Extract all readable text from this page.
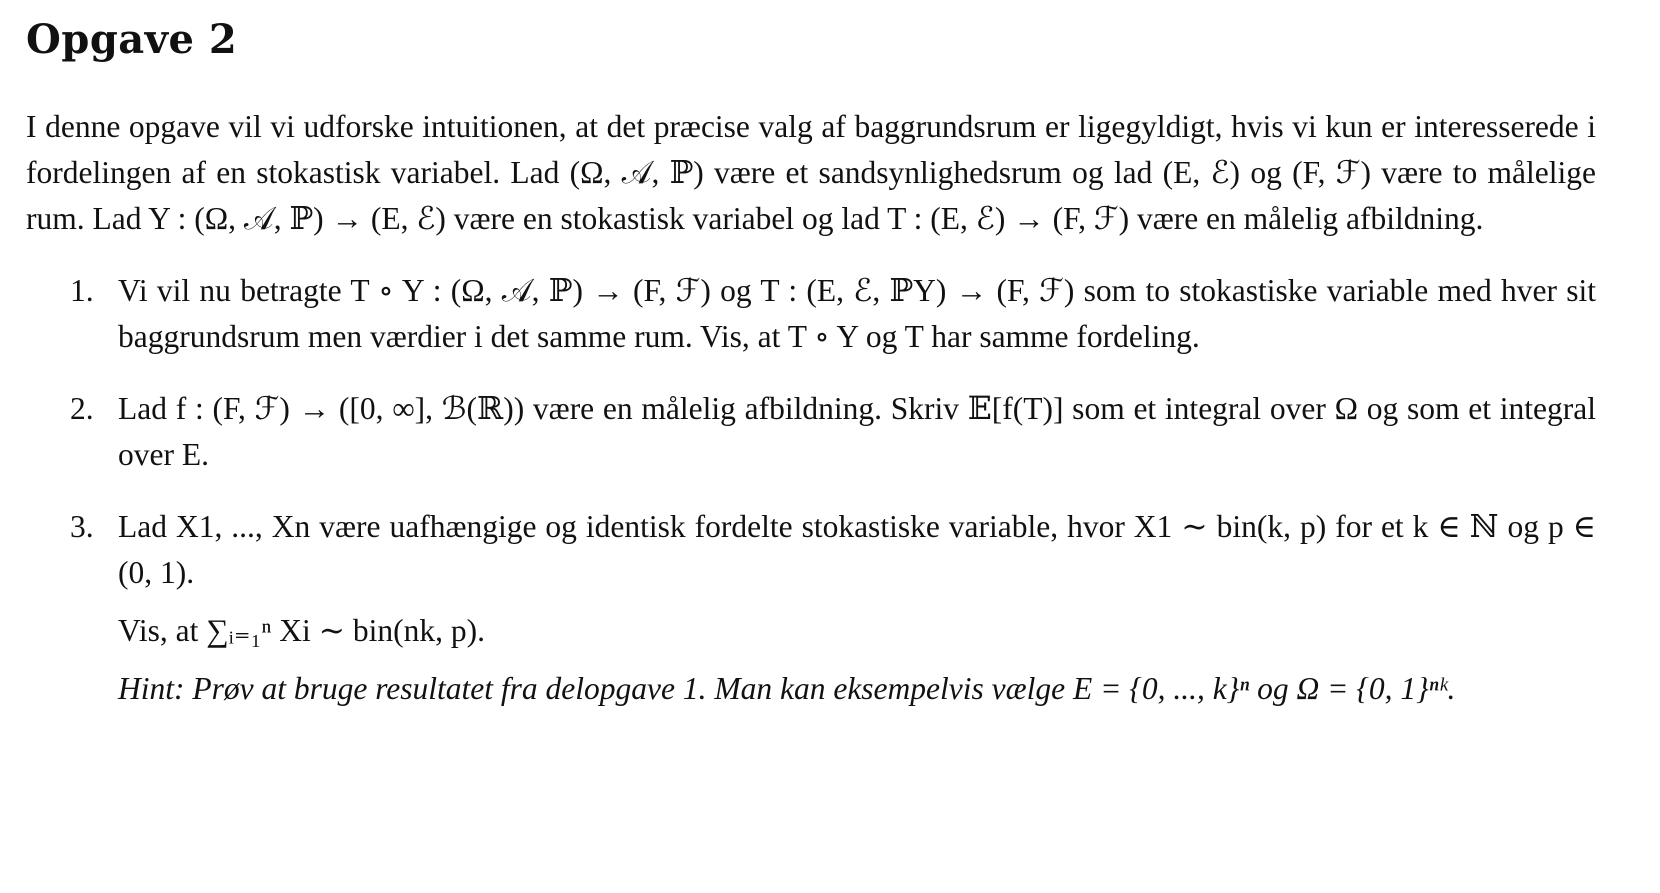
Opgave 2

I denne opgave vil vi udforske intuitionen, at det præcise valg af baggrundsrum er ligegyldigt, hvis vi kun er interesserede i fordelingen af en stokastisk variabel. Lad (Ω, 𝒜, ℙ) være et sandsynlighedsrum og lad (E, ℰ) og (F, ℱ) være to målelige rum. Lad Y : (Ω, 𝒜, ℙ) → (E, ℰ) være en stokastisk variabel og lad T : (E, ℰ) → (F, ℱ) være en målelig afbildning.

1. Vi vil nu betragte T ∘ Y : (Ω, 𝒜, ℙ) → (F, ℱ) og T : (E, ℰ, ℙY) → (F, ℱ) som to stokastiske variable med hver sit baggrundsrum men værdier i det samme rum. Vis, at T ∘ Y og T har samme fordeling.

2. Lad f : (F, ℱ) → ([0, ∞], ℬ(ℝ)) være en målelig afbildning. Skriv 𝔼[f(T)] som et integral over Ω og som et integral over E.

3. Lad X1, ..., Xn være uafhængige og identisk fordelte stokastiske variable, hvor X1 ∼ bin(k, p) for et k ∈ ℕ og p ∈ (0, 1).

Vis, at ∑ᵢ₌₁ⁿ Xi ∼ bin(nk, p).

Hint: Prøv at bruge resultatet fra delopgave 1. Man kan eksempelvis vælge E = {0, ..., k}ⁿ og Ω = {0, 1}ⁿᵏ.
